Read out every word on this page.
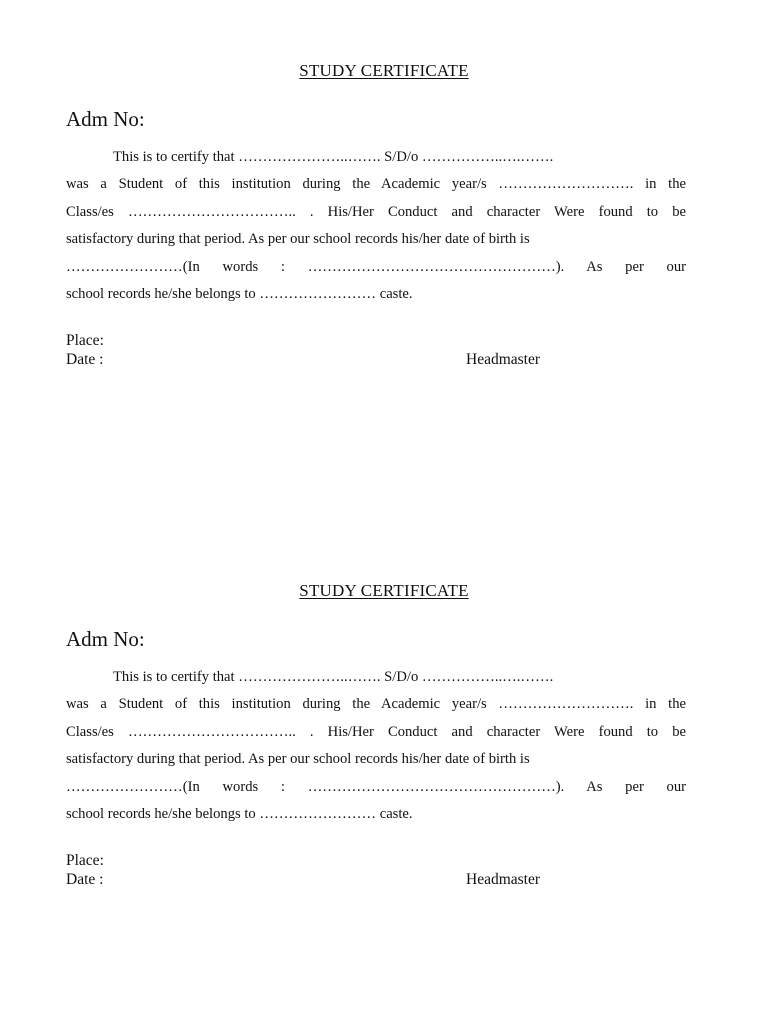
STUDY CERTIFICATE
Adm No:
This is to certify that …………………..……. S/D/o ……………..….…….
was a Student of this institution during the Academic year/s ………………………. in the
Class/es …………………………….. . His/Her Conduct and character Were found to be
satisfactory during that period. As per our school records his/her date of birth is
……………………(In words : ……………………………………………). As per our
school records he/she belongs to …………………… caste.
Place:
Date :	Headmaster
STUDY CERTIFICATE
Adm No:
This is to certify that …………………..……. S/D/o ……………..….…….
was a Student of this institution during the Academic year/s ………………………. in the
Class/es …………………………….. . His/Her Conduct and character Were found to be
satisfactory during that period. As per our school records his/her date of birth is
……………………(In words : ……………………………………………). As per our
school records he/she belongs to …………………… caste.
Place:
Date :	Headmaster
